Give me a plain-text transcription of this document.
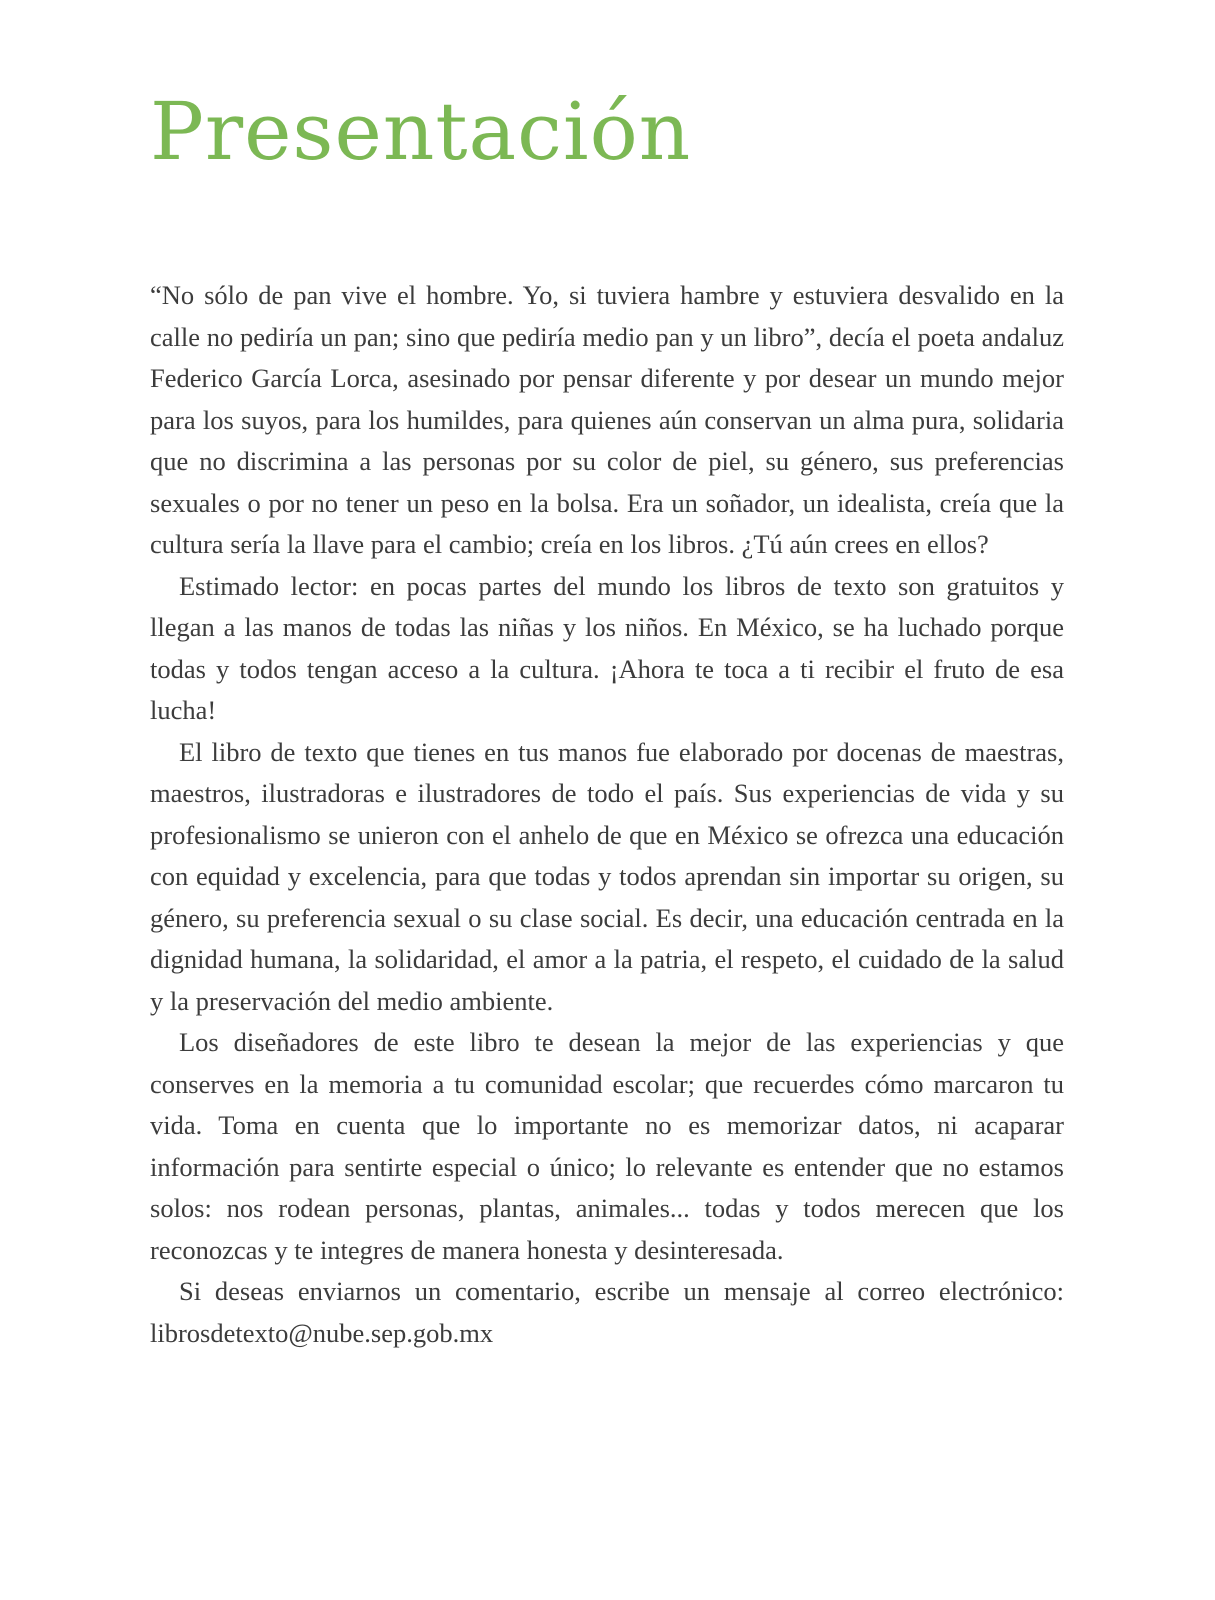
Presentación

“No sólo de pan vive el hombre. Yo, si tuviera hambre y estuviera desvalido en la calle no pediría un pan; sino que pediría medio pan y un libro”, decía el poeta andaluz Federico García Lorca, asesinado por pensar diferente y por desear un mundo mejor para los suyos, para los humildes, para quienes aún conservan un alma pura, solidaria que no discrimina a las personas por su color de piel, su género, sus preferencias sexuales o por no tener un peso en la bolsa. Era un soñador, un idealista, creía que la cultura sería la llave para el cambio; creía en los libros. ¿Tú aún crees en ellos?

Estimado lector: en pocas partes del mundo los libros de texto son gratuitos y llegan a las manos de todas las niñas y los niños. En México, se ha luchado porque todas y todos tengan acceso a la cultura. ¡Ahora te toca a ti recibir el fruto de esa lucha!

El libro de texto que tienes en tus manos fue elaborado por docenas de maestras, maestros, ilustradoras e ilustradores de todo el país. Sus experiencias de vida y su profesionalismo se unieron con el anhelo de que en México se ofrezca una educación con equidad y excelencia, para que todas y todos aprendan sin importar su origen, su género, su preferencia sexual o su clase social. Es decir, una educación centrada en la dignidad humana, la solidaridad, el amor a la patria, el respeto, el cuidado de la salud y la preservación del medio ambiente.

Los diseñadores de este libro te desean la mejor de las experiencias y que conserves en la memoria a tu comunidad escolar; que recuerdes cómo marcaron tu vida. Toma en cuenta que lo importante no es memorizar datos, ni acaparar información para sentirte especial o único; lo relevante es entender que no estamos solos: nos rodean personas, plantas, animales... todas y todos merecen que los reconozcas y te integres de manera honesta y desinteresada.

Si deseas enviarnos un comentario, escribe un mensaje al correo electrónico: librosdetexto@nube.sep.gob.mx
